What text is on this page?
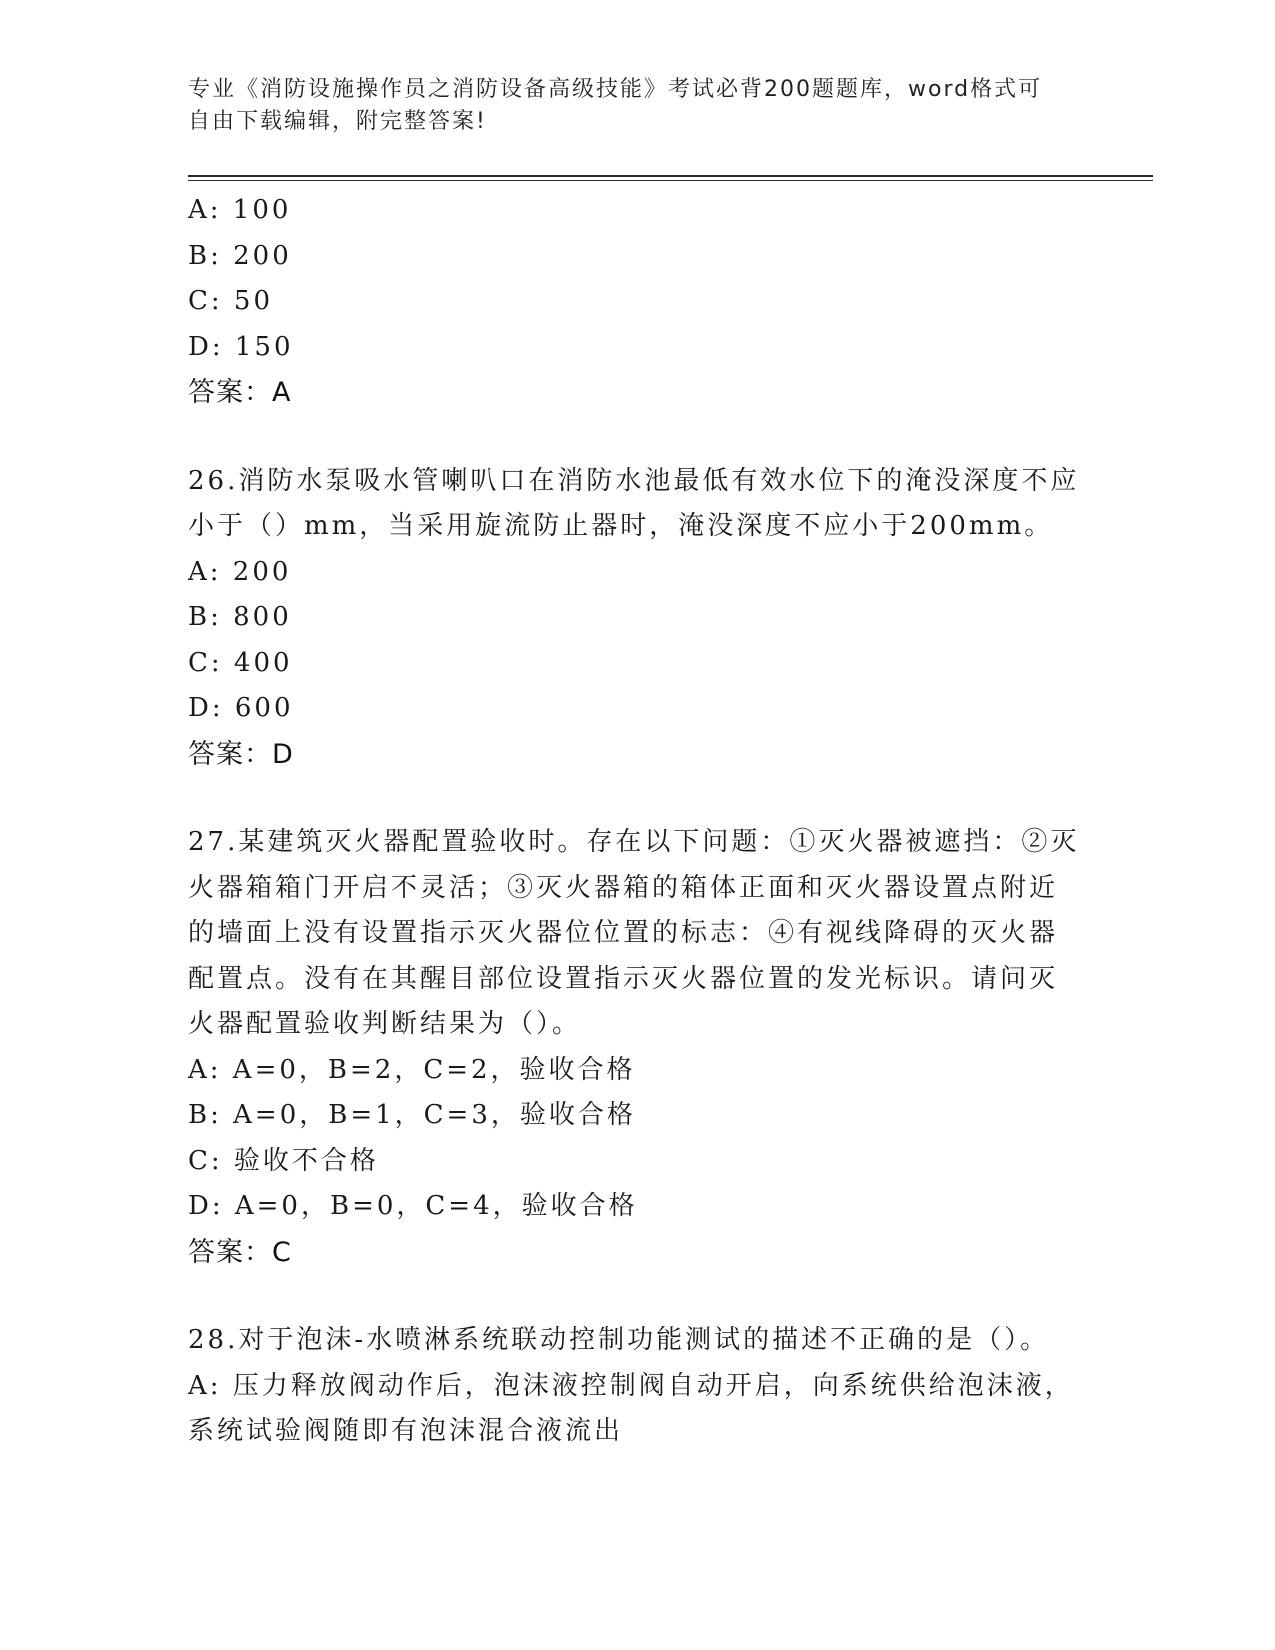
专业《消防设施操作员之消防设备高级技能》考试必背200题题库，word格式可
自由下载编辑，附完整答案!
A: 100
B: 200
C: 50
D: 150
答案：A
26.消防水泵吸水管喇叭口在消防水池最低有效水位下的淹没深度不应
小于（）mm，当采用旋流防止器时，淹没深度不应小于200mm。
A: 200
B: 800
C: 400
D: 600
答案：D
27.某建筑灭火器配置验收时。存在以下问题：①灭火器被遮挡：②灭
火器箱箱门开启不灵活；③灭火器箱的箱体正面和灭火器设置点附近
的墙面上没有设置指示灭火器位位置的标志：④有视线降碍的灭火器
配置点。没有在其醒目部位设置指示灭火器位置的发光标识。请问灭
火器配置验收判断结果为（）。
A: A=0，B=2，C=2，验收合格
B: A=0，B=1，C=3，验收合格
C: 验收不合格
D: A=0，B=0，C=4，验收合格
答案：C
28.对于泡沫-水喷淋系统联动控制功能测试的描述不正确的是（）。
A: 压力释放阀动作后，泡沫液控制阀自动开启，向系统供给泡沫液，
系统试验阀随即有泡沫混合液流出
